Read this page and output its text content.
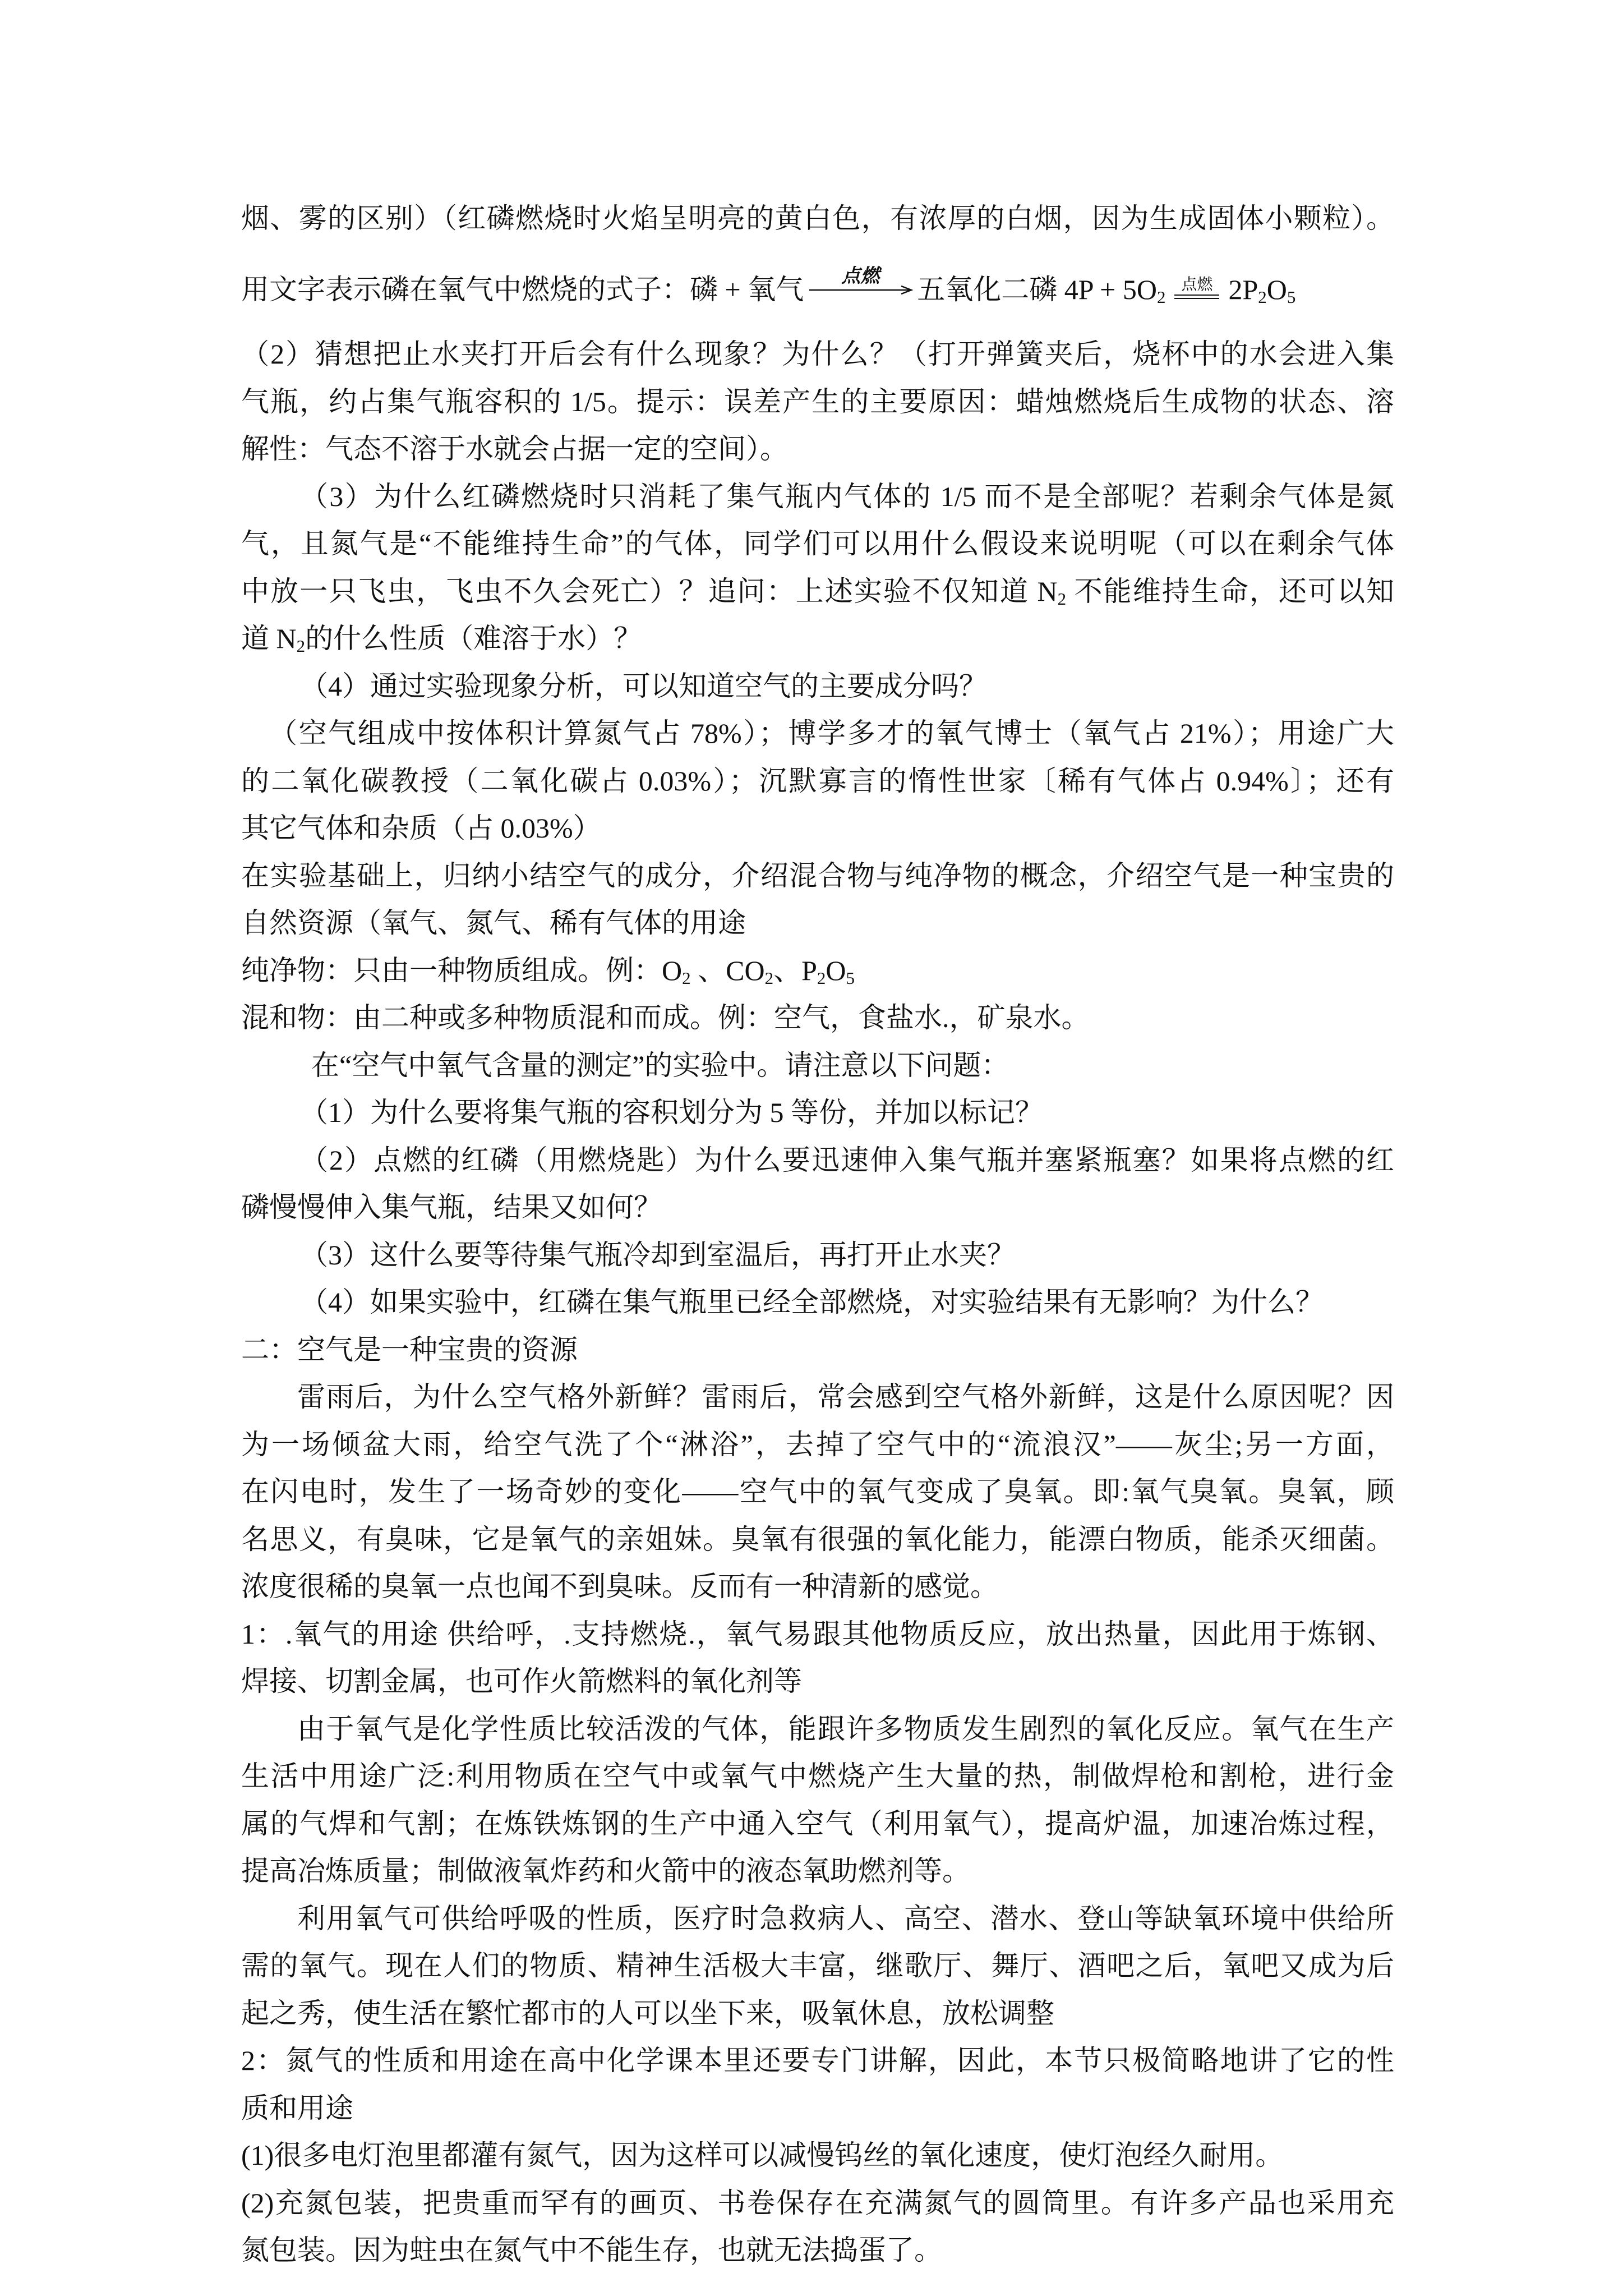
烟、雾的区别）（红磷燃烧时火焰呈明亮的黄白色，有浓厚的白烟，因为生成固体小颗粒）。
用文字表示磷在氧气中燃烧的式子：磷 + 氧气	点燃	五氧化二磷 $4P + 5O_2$
点燃 $2P_2O_5$
（2）猜想把止水夹打开后会有什么现象？为什么？（打开弹簧夹后，烧杯中的水会进入集
气瓶，约占集气瓶容积的 1/5。提示：误差产生的主要原因：蜡烛燃烧后生成物的状态、溶
解性：气态不溶于水就会占据一定的空间）。
（3）为什么红磷燃烧时只消耗了集气瓶内气体的 1/5 而不是全部呢？若剩余气体是氮
气，且氮气是“不能维持生命”的气体，同学们可以用什么假设来说明呢（可以在剩余气体
中放一只飞虫，飞虫不久会死亡）？追问：上述实验不仅知道 $N_2$ 不能维持生命，还可以知
道 $N_2$的什么性质（难溶于水）？
（4）通过实验现象分析，可以知道空气的主要成分吗？
（空气组成中按体积计算氮气占 78%）；博学多才的氧气博士（氧气占 21%）；用途广大
的二氧化碳教授（二氧化碳占 0.03%）；沉默寡言的惰性世家〔稀有气体占 0.94%〕；还有
其它气体和杂质（占 0.03%）
在实验基础上，归纳小结空气的成分，介绍混合物与纯净物的概念，介绍空气是一种宝贵的
自然资源（氧气、氮气、稀有气体的用途
纯净物：只由一种物质组成。例：$O_2$ 、$CO_2$、$P_2O_5$
混和物：由二种或多种物质混和而成。例：空气，食盐水.，矿泉水。
在“空气中氧气含量的测定”的实验中。请注意以下问题：
（1）为什么要将集气瓶的容积划分为 5 等份，并加以标记？
（2）点燃的红磷（用燃烧匙）为什么要迅速伸入集气瓶并塞紧瓶塞？如果将点燃的红
磷慢慢伸入集气瓶，结果又如何？
（3）这什么要等待集气瓶冷却到室温后，再打开止水夹？
（4）如果实验中，红磷在集气瓶里已经全部燃烧，对实验结果有无影响？为什么？
二：空气是一种宝贵的资源
雷雨后，为什么空气格外新鲜？雷雨后，常会感到空气格外新鲜，这是什么原因呢？因
为一场倾盆大雨，给空气洗了个“淋浴”，去掉了空气中的“流浪汉”——灰尘;另一方面，
在闪电时，发生了一场奇妙的变化——空气中的氧气变成了臭氧。即:氧气臭氧。臭氧，顾
名思义，有臭味，它是氧气的亲姐妹。臭氧有很强的氧化能力，能漂白物质，能杀灭细菌。
浓度很稀的臭氧一点也闻不到臭味。反而有一种清新的感觉。
1：.氧气的用途 供给呼，.支持燃烧.，氧气易跟其他物质反应，放出热量，因此用于炼钢、
焊接、切割金属，也可作火箭燃料的氧化剂等
由于氧气是化学性质比较活泼的气体，能跟许多物质发生剧烈的氧化反应。氧气在生产
生活中用途广泛:利用物质在空气中或氧气中燃烧产生大量的热，制做焊枪和割枪，进行金
属的气焊和气割；在炼铁炼钢的生产中通入空气（利用氧气），提高炉温，加速冶炼过程，
提高冶炼质量；制做液氧炸药和火箭中的液态氧助燃剂等。
利用氧气可供给呼吸的性质，医疗时急救病人、高空、潜水、登山等缺氧环境中供给所
需的氧气。现在人们的物质、精神生活极大丰富，继歌厅、舞厅、酒吧之后，氧吧又成为后
起之秀，使生活在繁忙都市的人可以坐下来，吸氧休息，放松调整
2：氮气的性质和用途在高中化学课本里还要专门讲解，因此，本节只极简略地讲了它的性
质和用途
(1)很多电灯泡里都灌有氮气，因为这样可以减慢钨丝的氧化速度，使灯泡经久耐用。
(2)充氮包装，把贵重而罕有的画页、书卷保存在充满氮气的圆筒里。有许多产品也采用充
氮包装。因为蛀虫在氮气中不能生存，也就无法捣蛋了。
